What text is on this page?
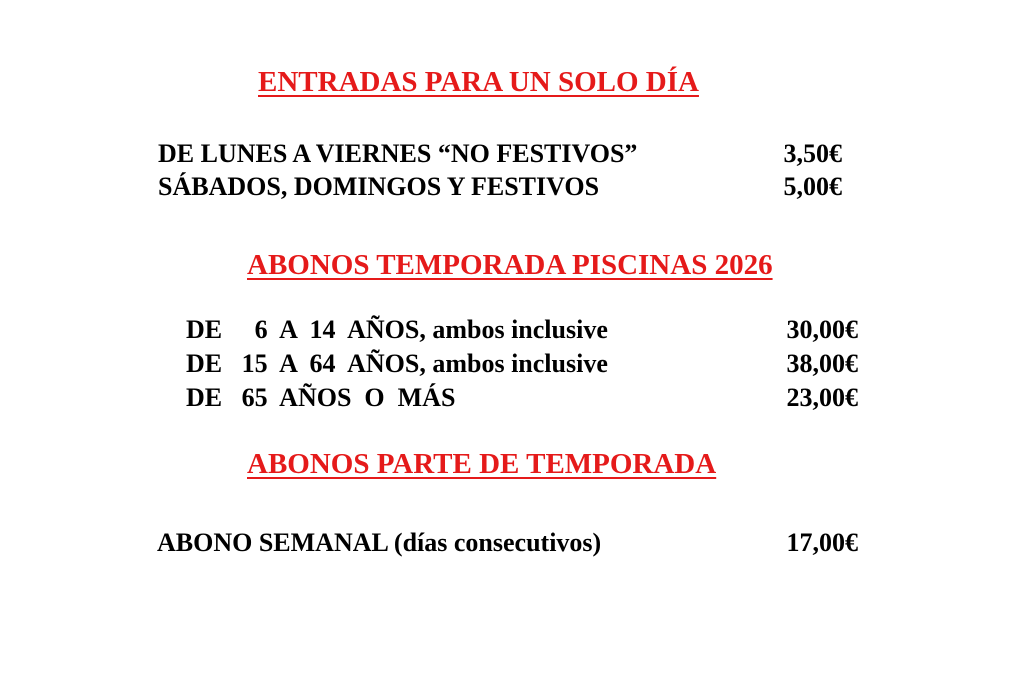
ENTRADAS PARA UN SOLO DÍA
DE LUNES A VIERNES “NO FESTIVOS”	3,50€
SÁBADOS, DOMINGOS Y FESTIVOS	5,00€
ABONOS TEMPORADA PISCINAS 2026
DE     6  A  14  AÑOS, ambos inclusive	30,00€
DE   15  A  64  AÑOS, ambos inclusive	38,00€
DE   65  AÑOS  O  MÁS	23,00€
ABONOS PARTE DE TEMPORADA
ABONO SEMANAL (días consecutivos)	17,00€
